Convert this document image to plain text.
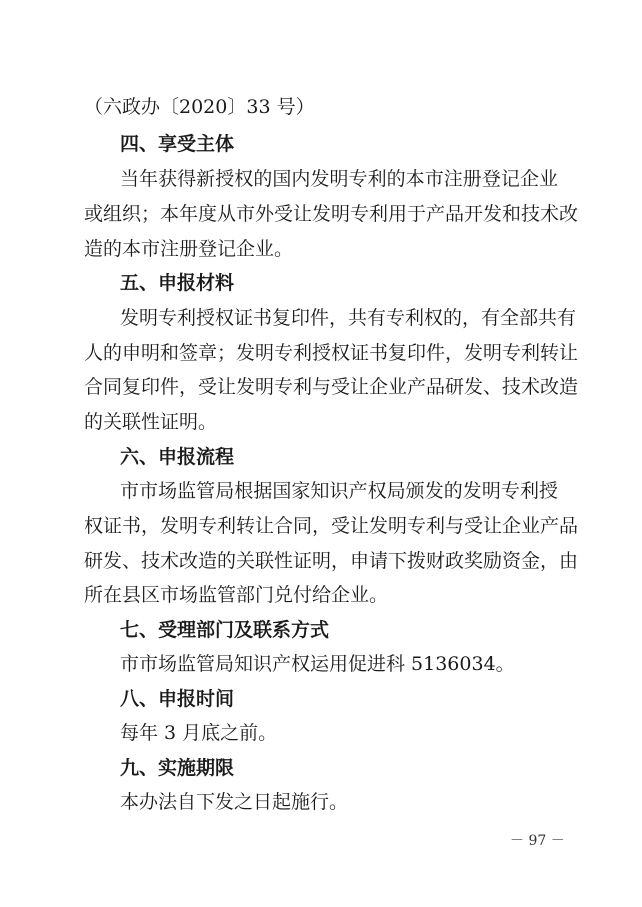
（六政办〔2020〕33 号）
四、享受主体
当年获得新授权的国内发明专利的本市注册登记企业
或组织；本年度从市外受让发明专利用于产品开发和技术改
造的本市注册登记企业。
五、申报材料
发明专利授权证书复印件，共有专利权的，有全部共有
人的申明和签章；发明专利授权证书复印件，发明专利转让
合同复印件，受让发明专利与受让企业产品研发、技术改造
的关联性证明。
六、申报流程
市市场监管局根据国家知识产权局颁发的发明专利授
权证书，发明专利转让合同，受让发明专利与受让企业产品
研发、技术改造的关联性证明，申请下拨财政奖励资金，由
所在县区市场监管部门兑付给企业。
七、受理部门及联系方式
市市场监管局知识产权运用促进科 5136034。
八、申报时间
每年 3 月底之前。
九、实施期限
本办法自下发之日起施行。
－ 97 －
